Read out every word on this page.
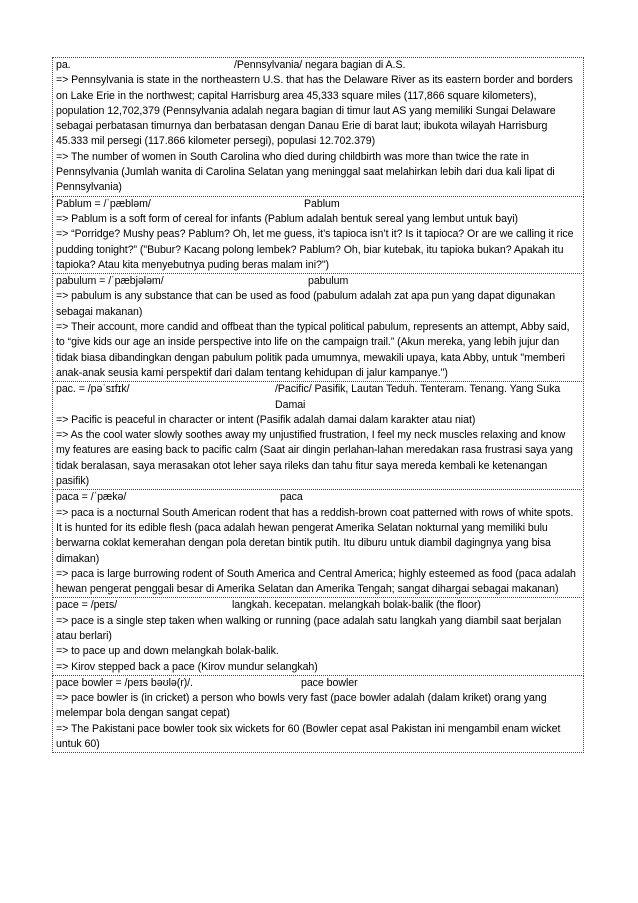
pa.	/Pennsylvania/ negara bagian di A.S.
=> Pennsylvania is state in the northeastern U.S. that has the Delaware River as its eastern border and borders on Lake Erie in the northwest; capital Harrisburg area 45,333 square miles (117,866 square kilometers), population 12,702,379 (Pennsylvania adalah negara bagian di timur laut AS yang memiliki Sungai Delaware sebagai perbatasan timurnya dan berbatasan dengan Danau Erie di barat laut; ibukota wilayah Harrisburg 45.333 mil persegi (117.866 kilometer persegi), populasi 12.702.379)
=> The number of women in South Carolina who died during childbirth was more than twice the rate in Pennsylvania (Jumlah wanita di Carolina Selatan yang meninggal saat melahirkan lebih dari dua kali lipat di Pennsylvania)
Pablum = /ˈpæbləm/	Pablum
=> Pablum is a soft form of cereal for infants (Pablum adalah bentuk sereal yang lembut untuk bayi)
=> “Porridge? Mushy peas? Pablum? Oh, let me guess, it’s tapioca isn’t it? Is it tapioca? Or are we calling it rice pudding tonight?” ("Bubur? Kacang polong lembek? Pablum? Oh, biar kutebak, itu tapioka bukan? Apakah itu tapioka? Atau kita menyebutnya puding beras malam ini?")
pabulum = /ˈpæbjələm/	pabulum
=> pabulum is any substance that can be used as food (pabulum adalah zat apa pun yang dapat digunakan sebagai makanan)
=> Their account, more candid and offbeat than the typical political pabulum, represents an attempt, Abby said, to “give kids our age an inside perspective into life on the campaign trail.” (Akun mereka, yang lebih jujur dan tidak biasa dibandingkan dengan pabulum politik pada umumnya, mewakili upaya, kata Abby, untuk "memberi anak-anak seusia kami perspektif dari dalam tentang kehidupan di jalur kampanye.")
pac. = /pəˈsɪfɪk/	/Pacific/ Pasifik, Lautan Teduh. Tenteram. Tenang. Yang Suka Damai
=> Pacific is peaceful in character or intent (Pasifik adalah damai dalam karakter atau niat)
=> As the cool water slowly soothes away my unjustified frustration, I feel my neck muscles relaxing and know my features are easing back to pacific calm (Saat air dingin perlahan-lahan meredakan rasa frustrasi saya yang tidak beralasan, saya merasakan otot leher saya rileks dan tahu fitur saya mereda kembali ke ketenangan pasifik)
paca = /ˈpækə/	paca
=> paca is a nocturnal South American rodent that has a reddish-brown coat patterned with rows of white spots. It is hunted for its edible flesh (paca adalah hewan pengerat Amerika Selatan nokturnal yang memiliki bulu berwarna coklat kemerahan dengan pola deretan bintik putih. Itu diburu untuk diambil dagingnya yang bisa dimakan)
=> paca is large burrowing rodent of South America and Central America; highly esteemed as food (paca adalah hewan pengerat penggali besar di Amerika Selatan dan Amerika Tengah; sangat dihargai sebagai makanan)
pace = /peɪs/	langkah. kecepatan. melangkah bolak-balik (the floor)
=> pace is a single step taken when walking or running (pace adalah satu langkah yang diambil saat berjalan atau berlari)
=> to pace up and down melangkah bolak-balik.
=> Kirov stepped back a pace (Kirov mundur selangkah)
pace bowler = /peɪs bəʊlə(r)/.	pace bowler
=> pace bowler is (in cricket) a person who bowls very fast (pace bowler adalah (dalam kriket) orang yang melempar bola dengan sangat cepat)
=> The Pakistani pace bowler took six wickets for 60 (Bowler cepat asal Pakistan ini mengambil enam wicket untuk 60)
